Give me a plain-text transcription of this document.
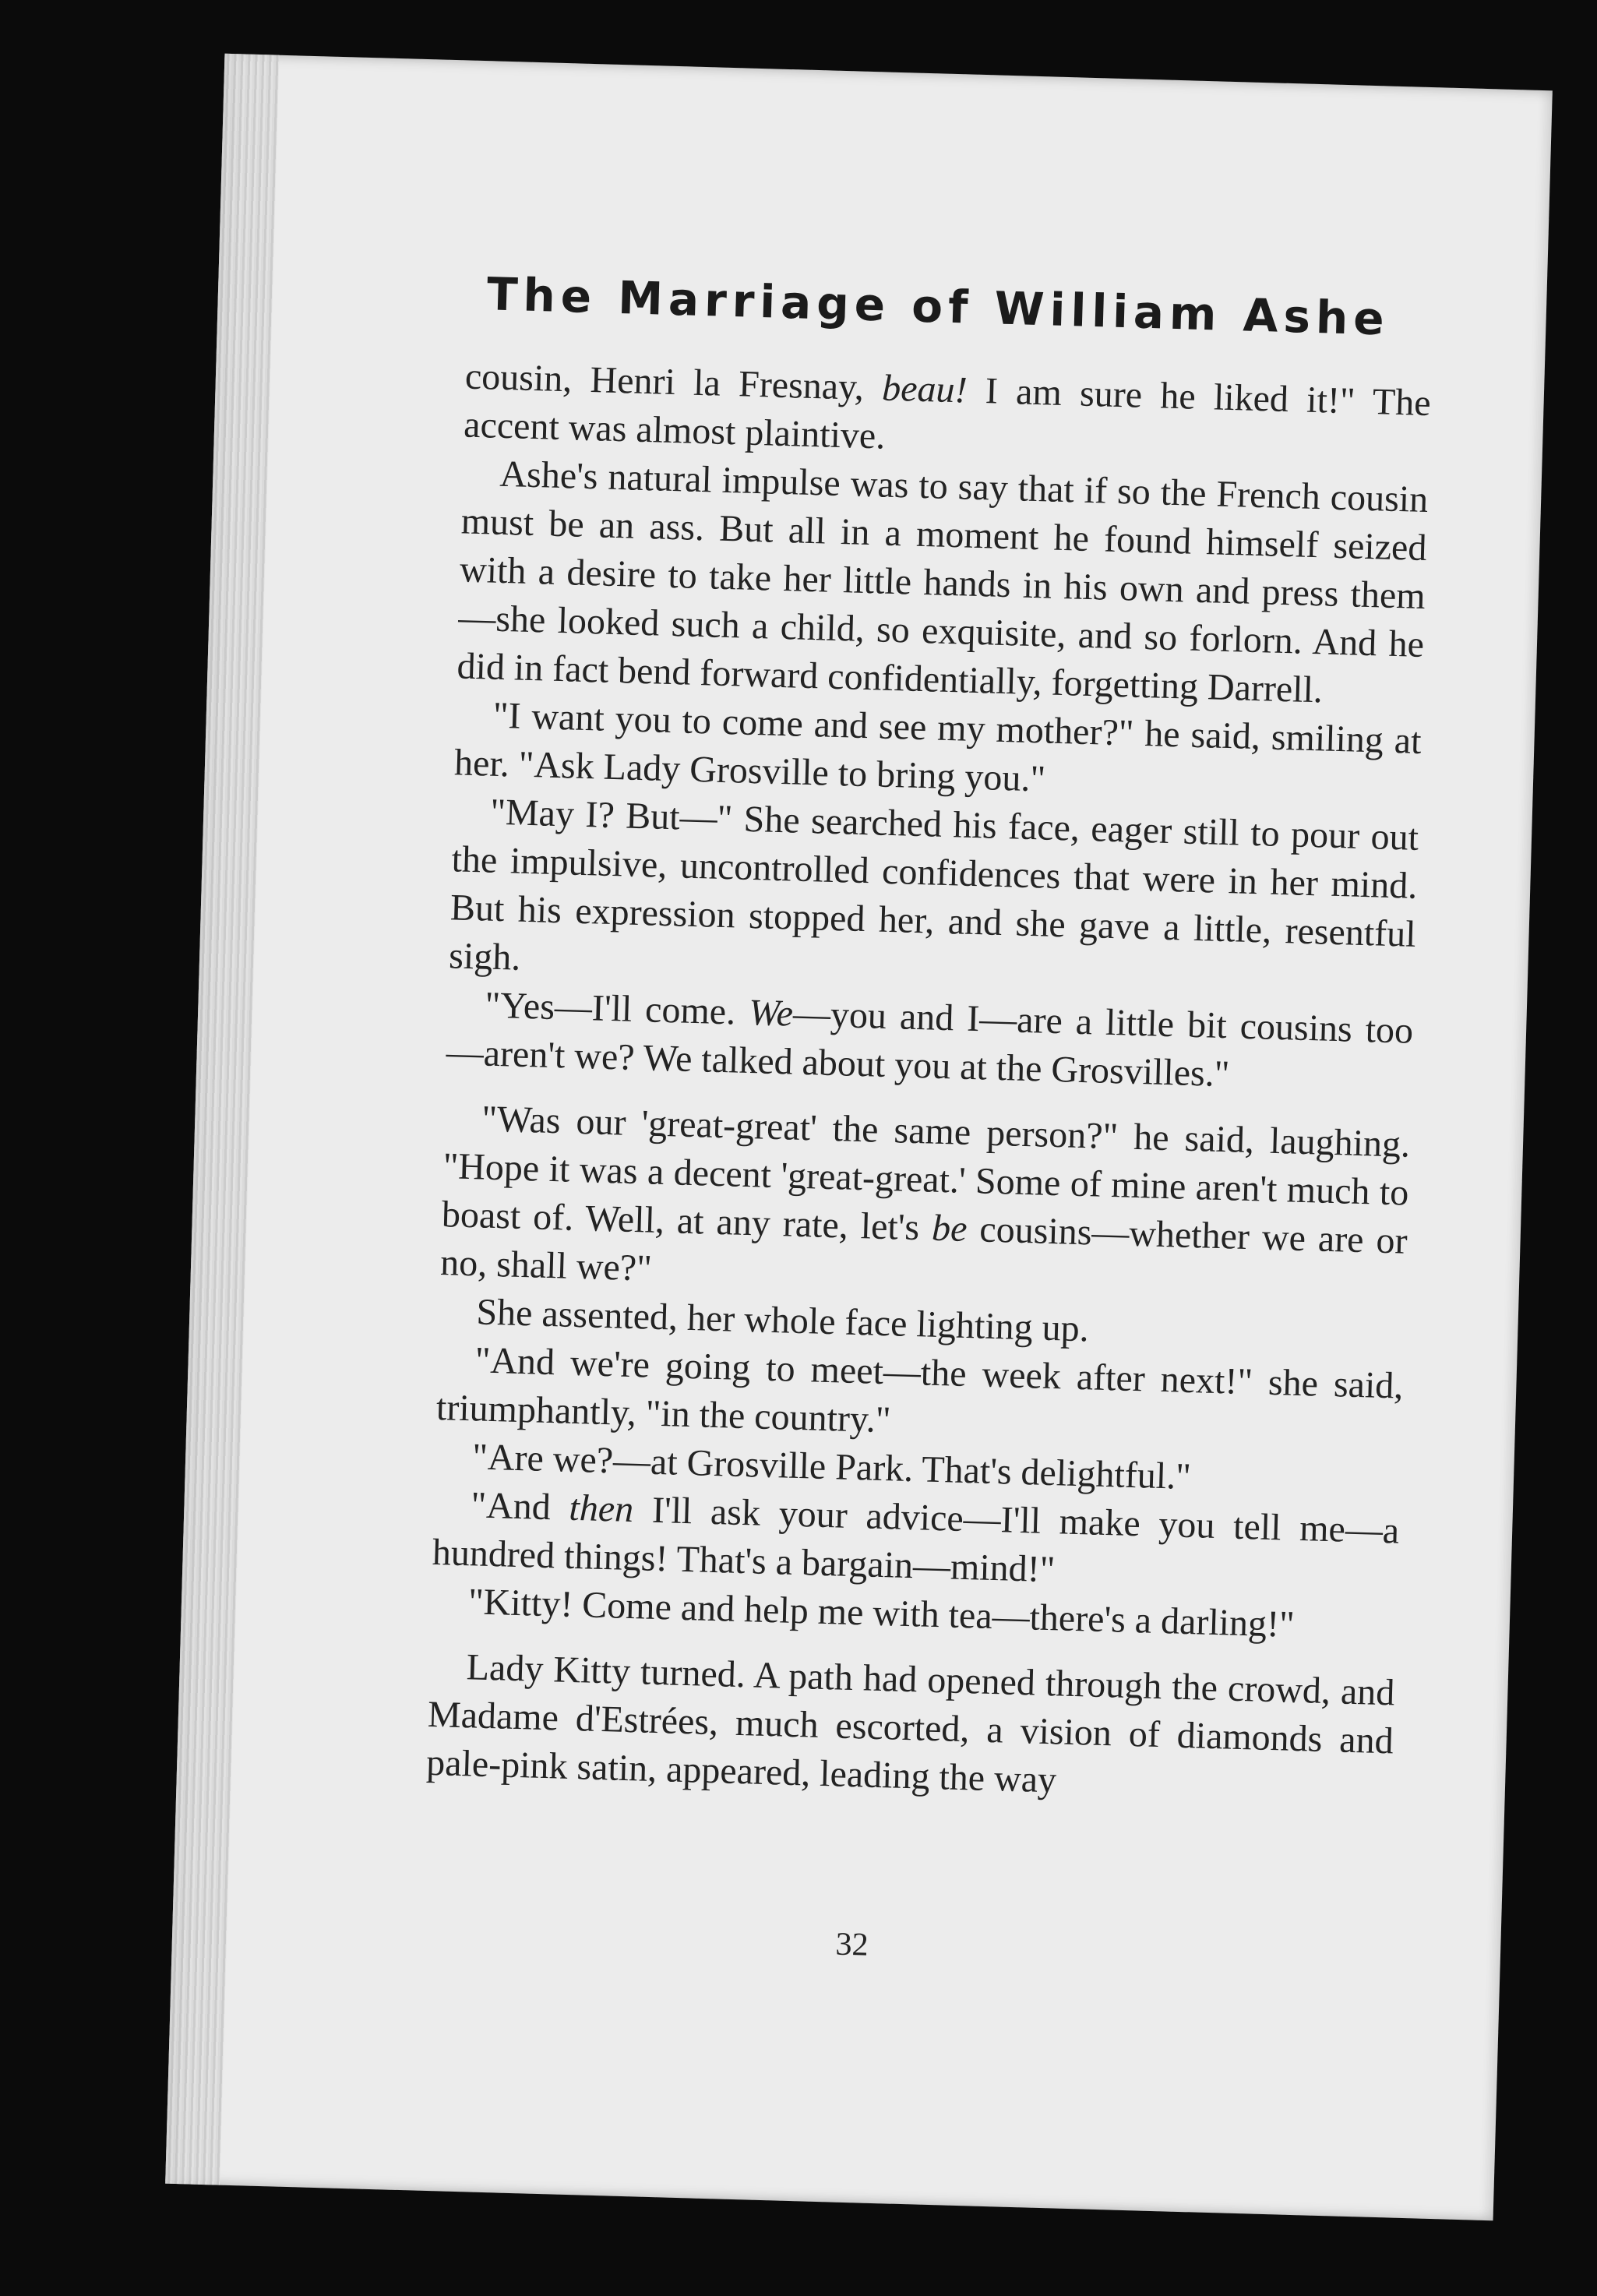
The Marriage of William Ashe

cousin, Henri la Fresnay, beau! I am sure he liked it!" The accent was almost plaintive.

Ashe's natural impulse was to say that if so the French cousin must be an ass. But all in a moment he found himself seized with a desire to take her little hands in his own and press them—she looked such a child, so exquisite, and so forlorn. And he did in fact bend forward confidentially, forgetting Darrell.

"I want you to come and see my mother?" he said, smiling at her. "Ask Lady Grosville to bring you."

"May I? But—" She searched his face, eager still to pour out the impulsive, uncontrolled confidences that were in her mind. But his expression stopped her, and she gave a little, resentful sigh.

"Yes—I'll come. We—you and I—are a little bit cousins too—aren't we? We talked about you at the Grosvilles."

"Was our 'great-great' the same person?" he said, laughing. "Hope it was a decent 'great-great.' Some of mine aren't much to boast of. Well, at any rate, let's be cousins—whether we are or no, shall we?"

She assented, her whole face lighting up.

"And we're going to meet—the week after next!" she said, triumphantly, "in the country."

"Are we?—at Grosville Park. That's delightful."

"And then I'll ask your advice—I'll make you tell me—a hundred things! That's a bargain—mind!"

"Kitty! Come and help me with tea—there's a darling!"

Lady Kitty turned. A path had opened through the crowd, and Madame d'Estrées, much escorted, a vision of diamonds and pale-pink satin, appeared, leading the way

32
